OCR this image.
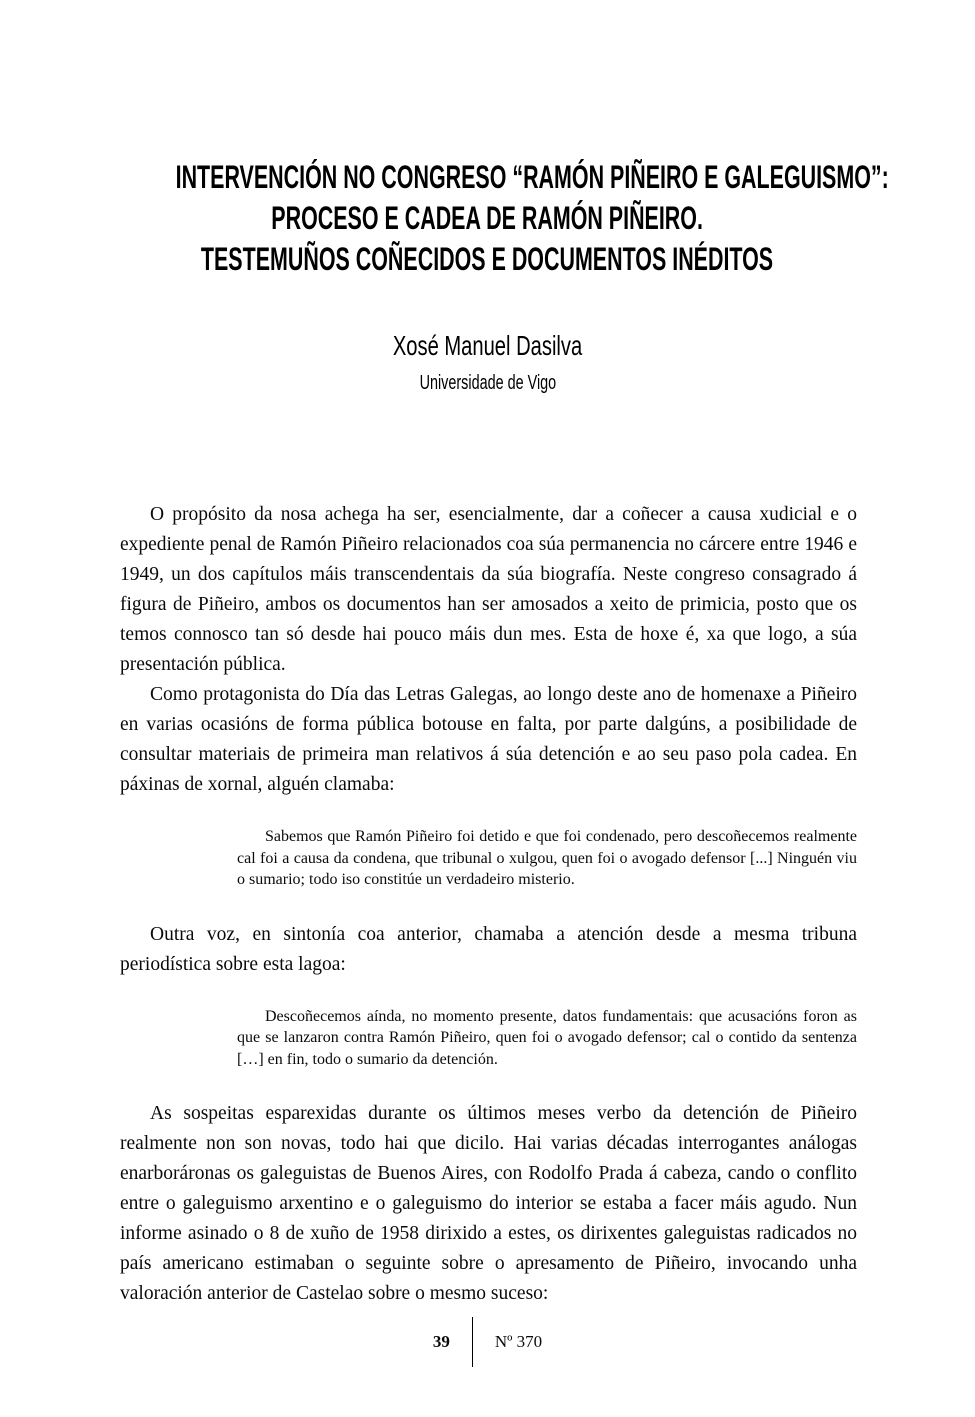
INTERVENCIÓN NO CONGRESO “RAMÓN PIÑEIRO E GALEGUISMO”:
PROCESO E CADEA DE RAMÓN PIÑEIRO.
TESTEMUÑOS COÑECIDOS E DOCUMENTOS INÉDITOS
Xosé Manuel Dasilva
Universidade de Vigo

O propósito da nosa achega ha ser, esencialmente, dar a coñecer a causa xudicial e o expediente penal de Ramón Piñeiro relacionados coa súa permanencia no cárcere entre 1946 e 1949, un dos capítulos máis transcendentais da súa biografía. Neste congreso consagrado á figura de Piñeiro, ambos os documentos han ser amosados a xeito de primicia, posto que os temos connosco tan só desde hai pouco máis dun mes. Esta de hoxe é, xa que logo, a súa presentación pública.

Como protagonista do Día das Letras Galegas, ao longo deste ano de homenaxe a Piñeiro en varias ocasións de forma pública botouse en falta, por parte dalgúns, a posibilidade de consultar materiais de primeira man relativos á súa detención e ao seu paso pola cadea. En páxinas de xornal, alguén clamaba:

Sabemos que Ramón Piñeiro foi detido e que foi condenado, pero descoñecemos realmente cal foi a causa da condena, que tribunal o xulgou, quen foi o avogado defensor [...] Ninguén viu o sumario; todo iso constitúe un verdadeiro misterio.

Outra voz, en sintonía coa anterior, chamaba a atención desde a mesma tribuna periodística sobre esta lagoa:

Descoñecemos aínda, no momento presente, datos fundamentais: que acusacións foron as que se lanzaron contra Ramón Piñeiro, quen foi o avogado defensor; cal o contido da sentenza […] en fin, todo o sumario da detención.

As sospeitas esparexidas durante os últimos meses verbo da detención de Piñeiro realmente non son novas, todo hai que dicilo. Hai varias décadas interrogantes análogas enarboráronas os galeguistas de Buenos Aires, con Rodolfo Prada á cabeza, cando o conflito entre o galeguismo arxentino e o galeguismo do interior se estaba a facer máis agudo. Nun informe asinado o 8 de xuño de 1958 dirixido a estes, os dirixentes galeguistas radicados no país americano estimaban o seguinte sobre o apresamento de Piñeiro, invocando unha valoración anterior de Castelao sobre o mesmo suceso:

39	Nº 370
